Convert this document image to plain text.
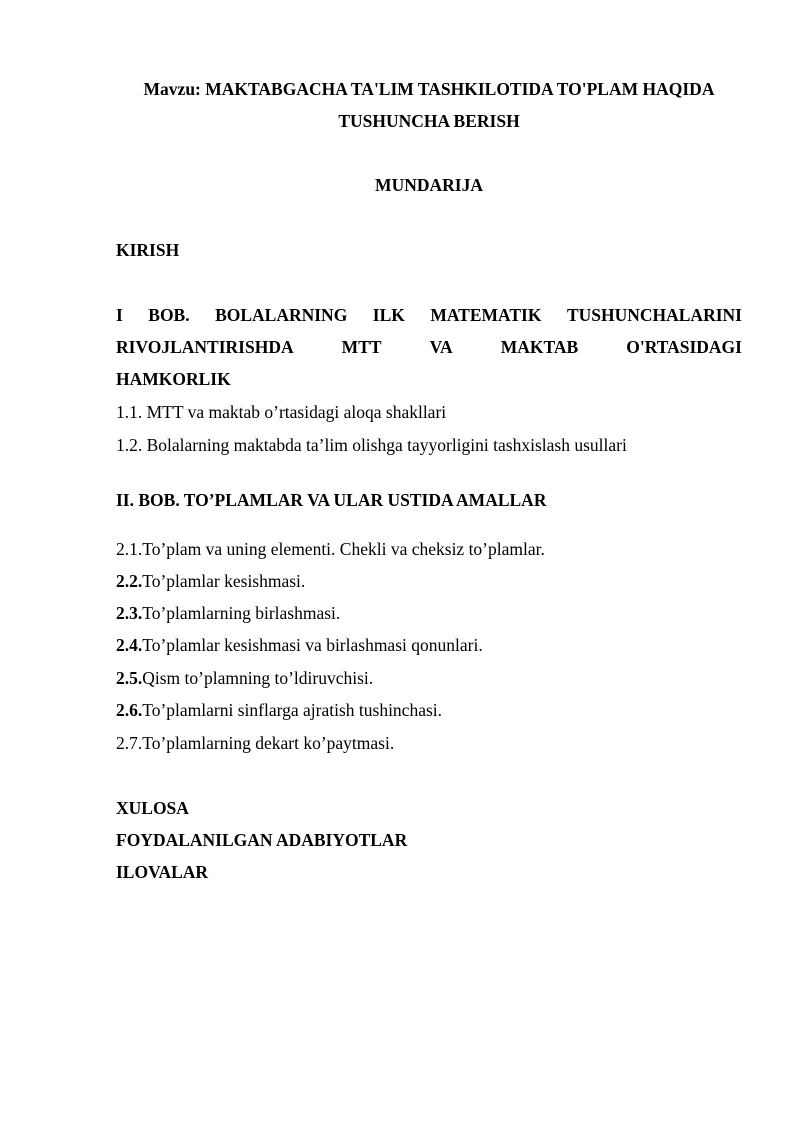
Mavzu: MAKTABGACHA TA'LIM TASHKILOTIDA TO'PLAM HAQIDA
TUSHUNCHA BERISH
MUNDARIJA
KIRISH
I BOB. BOLALARNING ILK MATEMATIK TUSHUNCHALARINI
RIVOJLANTIRISHDA	MTT	VA	MAKTAB	O'RTASIDAGI
HAMKORLIK
1.1. MTT va maktab o’rtasidagi aloqa shakllari
1.2. Bolalarning maktabda ta’lim olishga tayyorligini tashxislash usullari
II. BOB. TO’PLAMLAR VA ULAR USTIDA AMALLAR
2.1.To’plam va uning elementi. Chekli va cheksiz to’plamlar.
2.2.To’plamlar kesishmasi.
2.3.To’plamlarning birlashmasi.
2.4.To’plamlar kesishmasi va birlashmasi qonunlari.
2.5.Qism to’plamning to’ldiruvchisi.
2.6.To’plamlarni sinflarga ajratish tushinchasi.
2.7.To’plamlarning dekart ko’paytmasi.
XULOSA
FOYDALANILGAN ADABIYOTLAR
ILOVALAR
